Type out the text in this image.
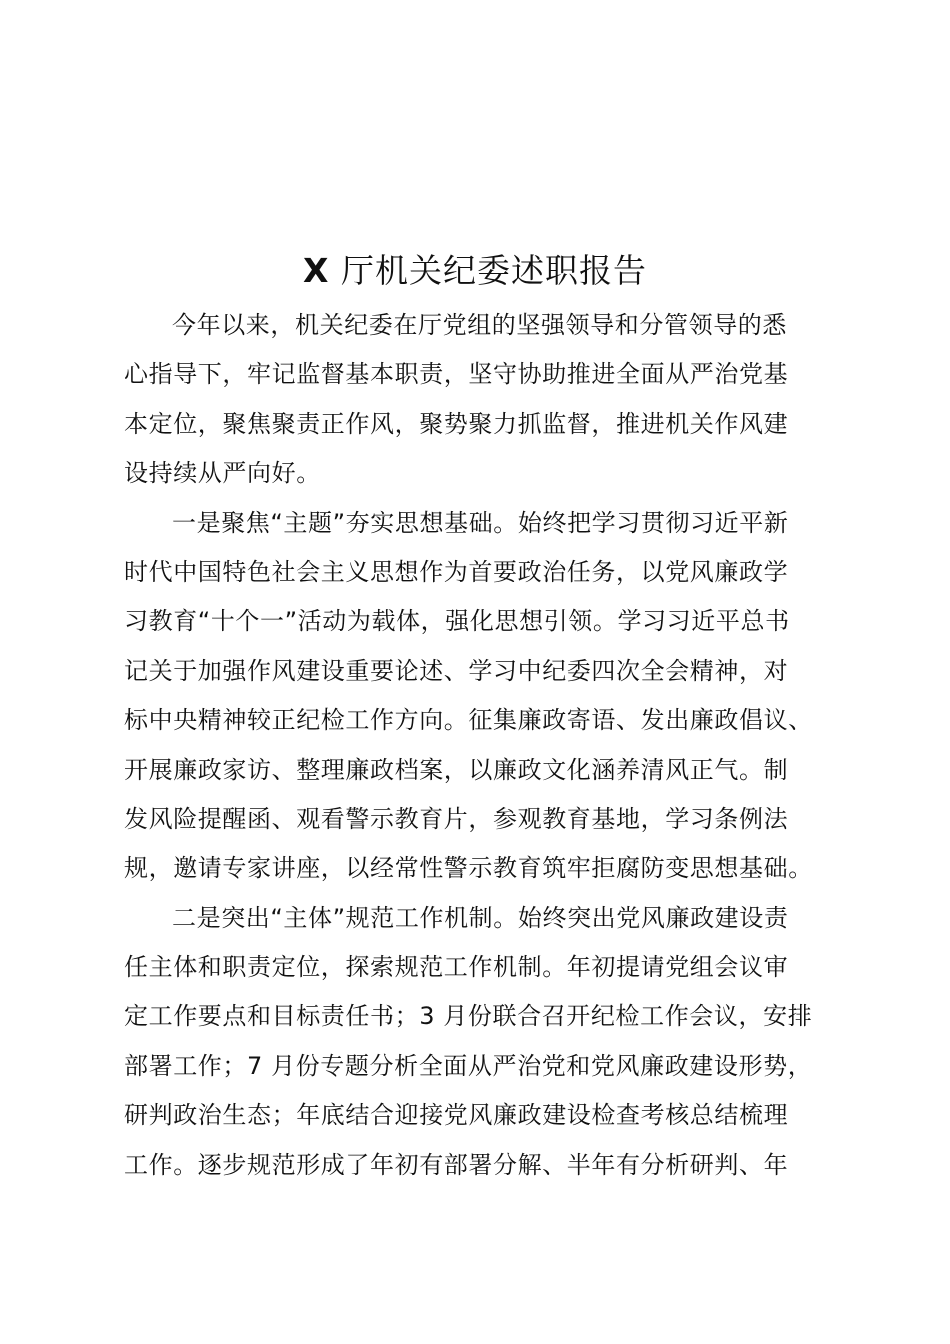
X 厅机关纪委述职报告
今年以来，机关纪委在厅党组的坚强领导和分管领导的悉
心指导下，牢记监督基本职责，坚守协助推进全面从严治党基
本定位，聚焦聚责正作风，聚势聚力抓监督，推进机关作风建
设持续从严向好。
一是聚焦“主题”夯实思想基础。始终把学习贯彻习近平新
时代中国特色社会主义思想作为首要政治任务，以党风廉政学
习教育“十个一”活动为载体，强化思想引领。学习习近平总书
记关于加强作风建设重要论述、学习中纪委四次全会精神，对
标中央精神较正纪检工作方向。征集廉政寄语、发出廉政倡议、
开展廉政家访、整理廉政档案，以廉政文化涵养清风正气。制
发风险提醒函、观看警示教育片，参观教育基地，学习条例法
规，邀请专家讲座，以经常性警示教育筑牢拒腐防变思想基础。
二是突出“主体”规范工作机制。始终突出党风廉政建设责
任主体和职责定位，探索规范工作机制。年初提请党组会议审
定工作要点和目标责任书；3 月份联合召开纪检工作会议，安排
部署工作；7 月份专题分析全面从严治党和党风廉政建设形势，
研判政治生态；年底结合迎接党风廉政建设检查考核总结梳理
工作。逐步规范形成了年初有部署分解、半年有分析研判、年
